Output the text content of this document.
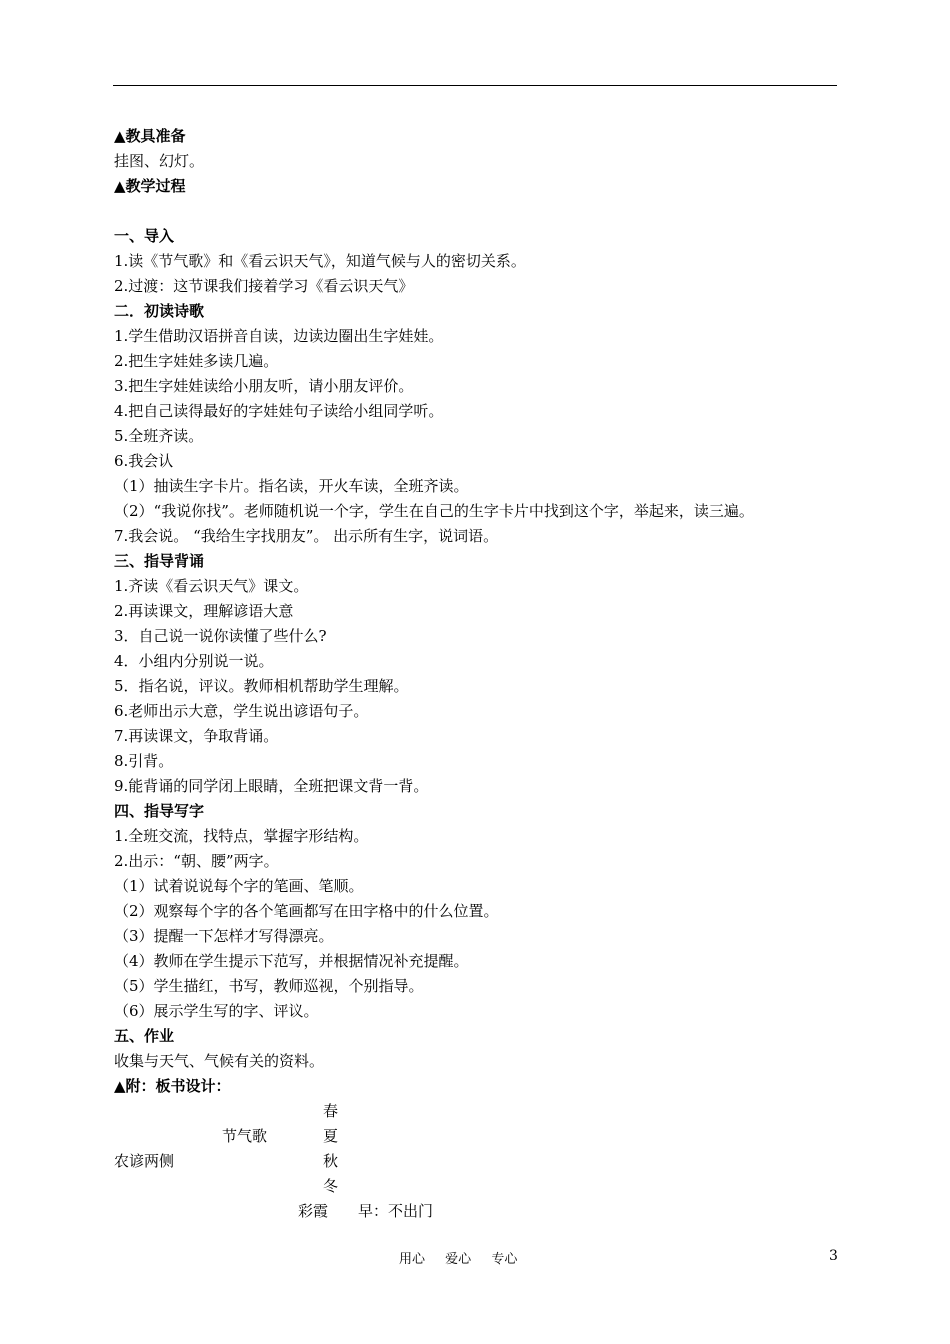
▲教具准备
挂图、幻灯。
▲教学过程
一、导入
1.读《节气歌》和《看云识天气》，知道气候与人的密切关系。
2.过渡：这节课我们接着学习《看云识天气》
二．初读诗歌
1.学生借助汉语拼音自读，边读边圈出生字娃娃。
2.把生字娃娃多读几遍。
3.把生字娃娃读给小朋友听，请小朋友评价。
4.把自己读得最好的字娃娃句子读给小组同学听。
5.全班齐读。
6.我会认
（1）抽读生字卡片。指名读，开火车读，全班齐读。
（2）“我说你找”。老师随机说一个字，学生在自己的生字卡片中找到这个字，举起来，读三遍。
7.我会说。 “我给生字找朋友”。 出示所有生字，说词语。
三、指导背诵
1.齐读《看云识天气》课文。
2.再读课文，理解谚语大意
3．自己说一说你读懂了些什么?
4．小组内分别说一说。
5．指名说，评议。教师相机帮助学生理解。
6.老师出示大意，学生说出谚语句子。
7.再读课文，争取背诵。
8.引背。
9.能背诵的同学闭上眼睛，全班把课文背一背。
四、指导写字
1.全班交流，找特点，掌握字形结构。
2.出示：“朝、腰”两字。
（1）试着说说每个字的笔画、笔顺。
（2）观察每个字的各个笔画都写在田字格中的什么位置。
（3）提醒一下怎样才写得漂亮。
（4）教师在学生提示下范写，并根据情况补充提醒。
（5）学生描红，书写，教师巡视，个别指导。
（6）展示学生写的字、评议。
五、作业
收集与天气、气候有关的资料。
▲附：板书设计：
春
节气歌	夏
农谚两侧	秋
冬
彩霞 早：不出门
用心 爱心 专心	3
